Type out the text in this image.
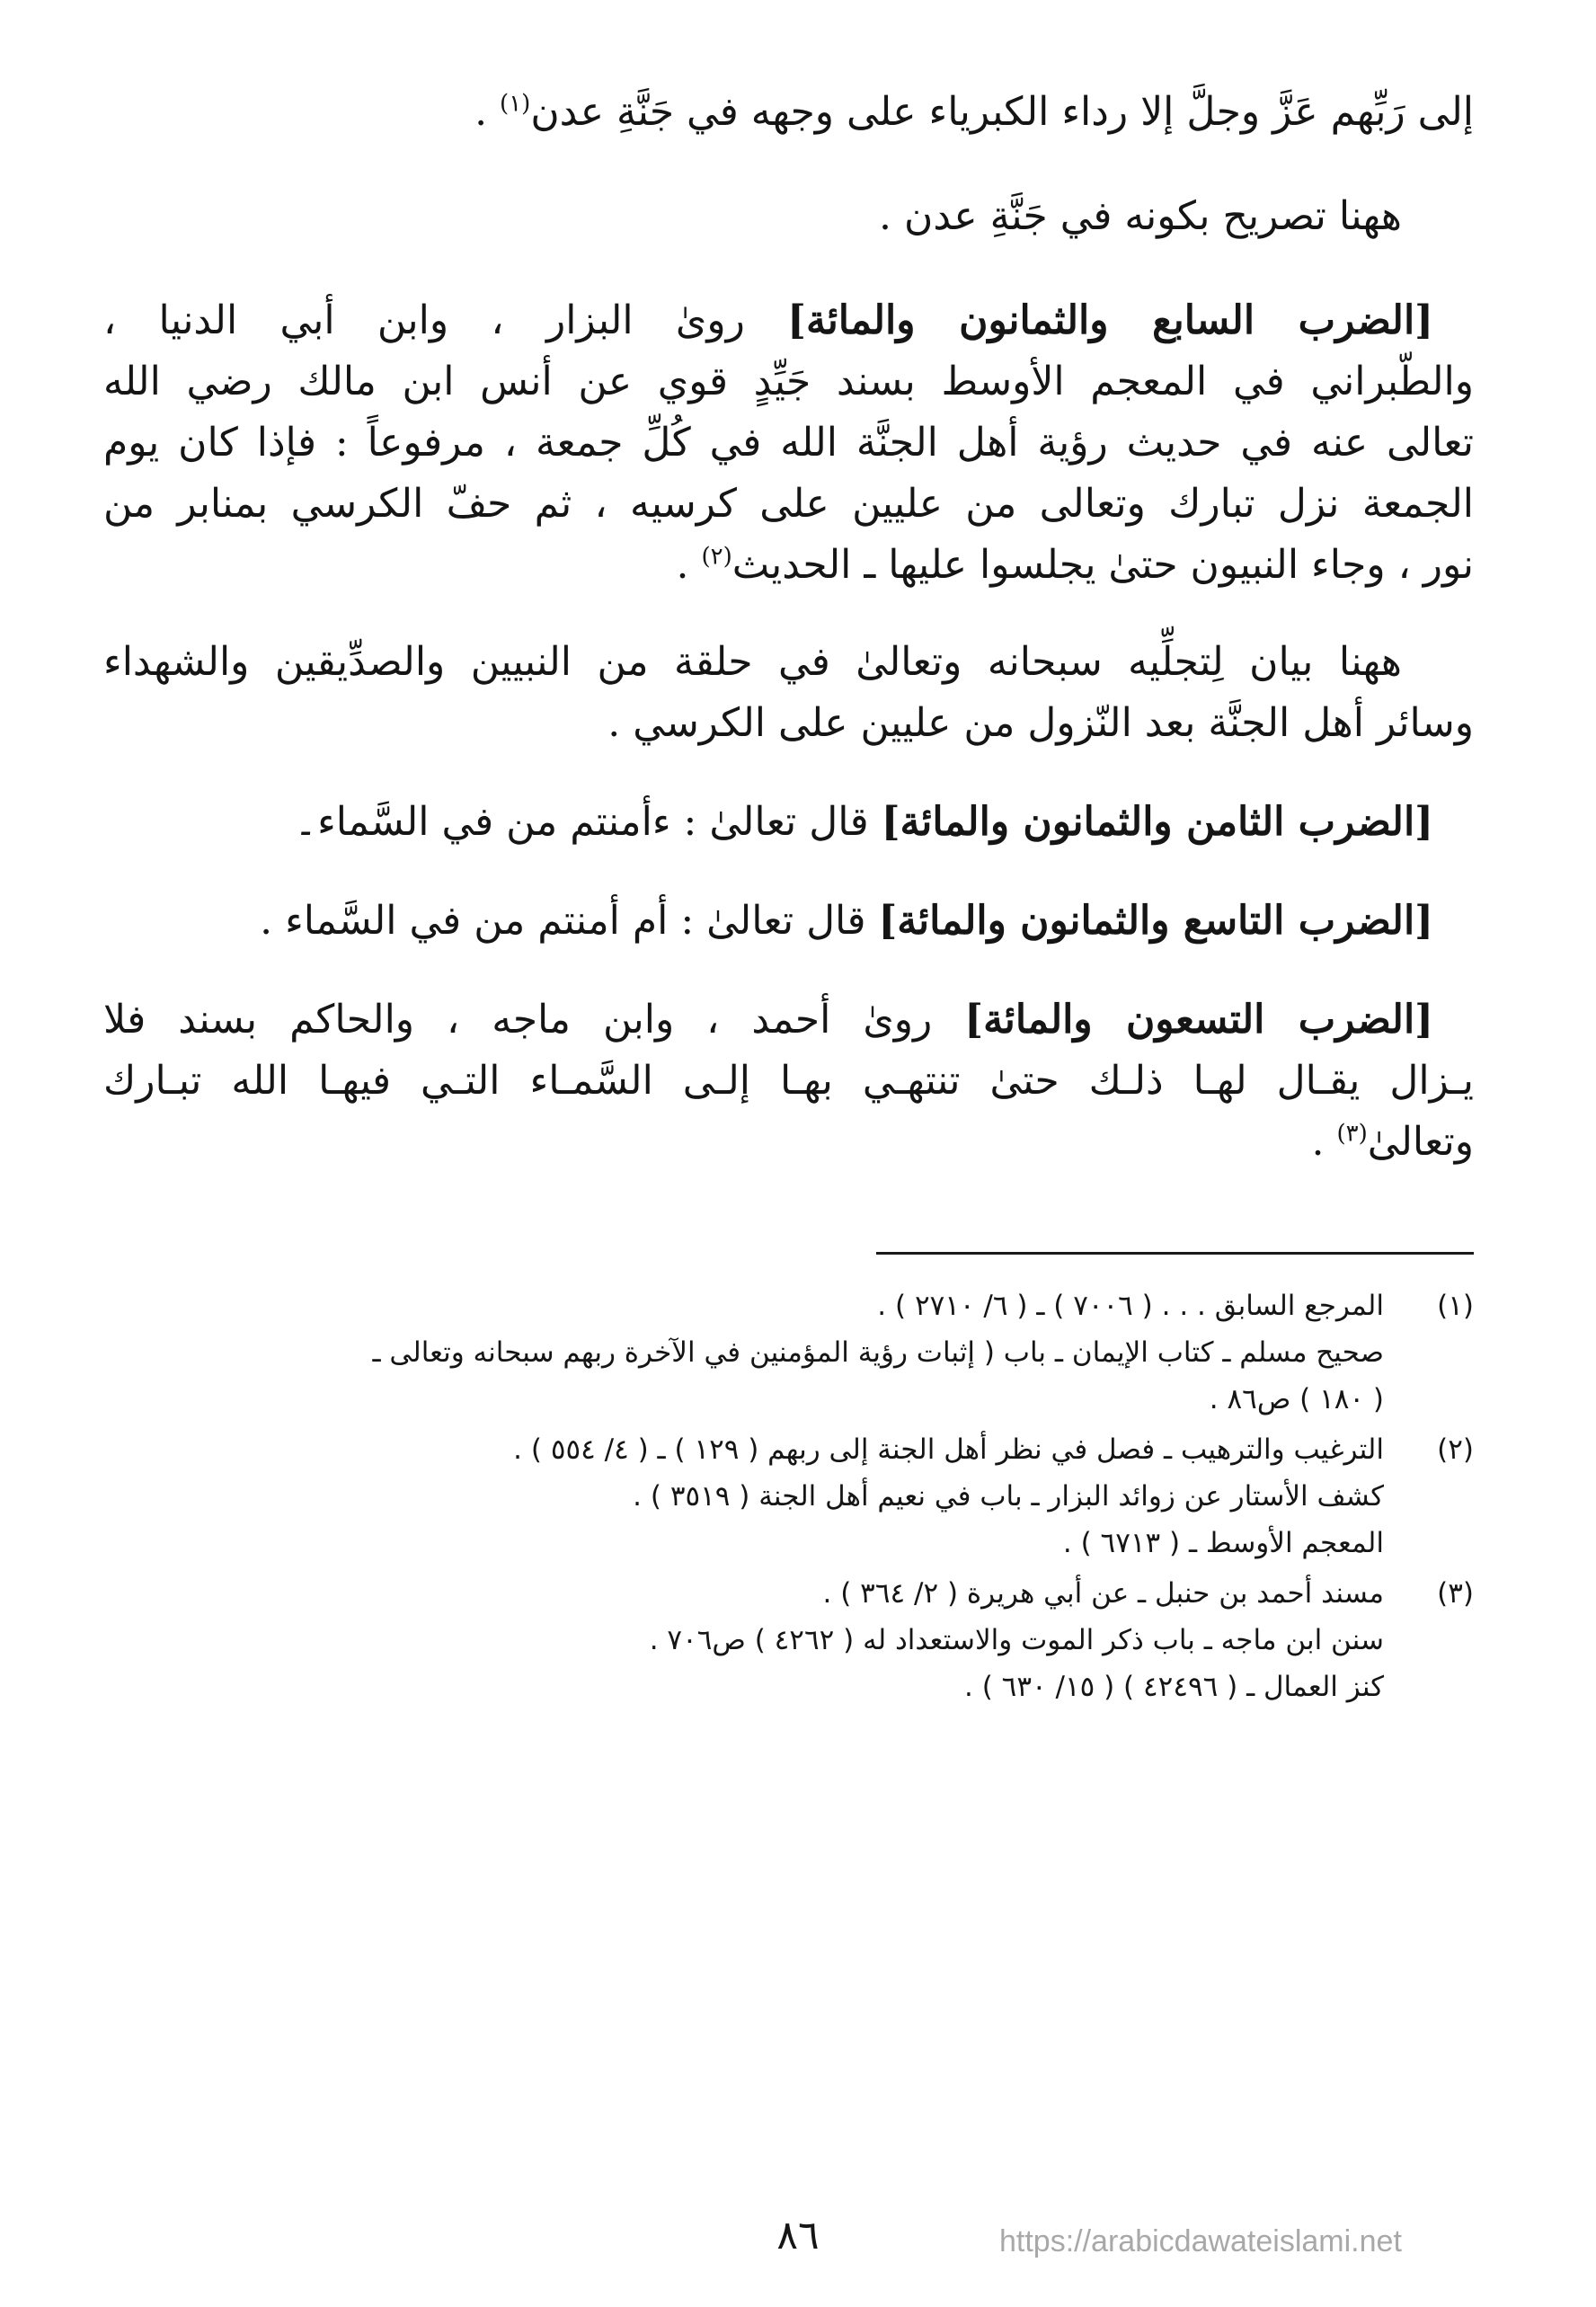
إلى رَبِّهم عَزَّ وجلَّ إلا رداء الكبرياء على وجهه في جَنَّةِ عدن$^{(١)}$ .
ههنا تصريح بكونه في جَنَّةِ عدن .
[الضرب السابع والثمانون والمائة] روىٰ البزار ، وابن أبي الدنيا ،
والطّبراني في المعجم الأوسط بسند جَيِّدٍ قوي عن أنس ابن مالك رضي الله
تعالى عنه في حديث رؤية أهل الجنَّة الله في كُلِّ جمعة ، مرفوعاً : فإذا كان يوم
الجمعة نزل تبارك وتعالى من عليين على كرسيه ، ثم حفّ الكرسي بمنابر من
نور ، وجاء النبيون حتىٰ يجلسوا عليها ـ الحديث$^{(٢)}$ .
ههنا بيان لِتجلِّيه سبحانه وتعالىٰ في حلقة من النبيين والصدِّيقين والشهداء
وسائر أهل الجنَّة بعد النّزول من عليين على الكرسي .
[الضرب الثامن والثمانون والمائة] قال تعالىٰ : ءأمنتم من في السَّماء۔
[الضرب التاسع والثمانون والمائة] قال تعالىٰ : أم أمنتم من في السَّماء .
[الضرب التسعون والمائة] روىٰ أحمد ، وابن ماجه ، والحاكم بسند فلا
يـزال يقـال لهـا ذلـك حتىٰ تنتهـي بهـا إلـى السَّمـاء التـي فيهـا الله تبـارك
وتعالىٰ$^{(٣)}$ .
(١)
المرجع السابق . . . ( ٧٠٠٦ ) ـ ( ٦/ ٢٧١٠ ) .
صحيح مسلم ـ كتاب الإيمان ـ باب ( إثبات رؤية المؤمنين في الآخرة ربهم سبحانه وتعالى ـ
( ١٨٠ ) ص٨٦ .
(٢)
الترغيب والترهيب ـ فصل في نظر أهل الجنة إلى ربهم ( ١٢٩ ) ـ ( ٤/ ٥٥٤ ) .
كشف الأستار عن زوائد البزار ـ باب في نعيم أهل الجنة ( ٣٥١٩ ) .
المعجم الأوسط ـ ( ٦٧١٣ ) .
(٣)
مسند أحمد بن حنبل ـ عن أبي هريرة ( ٢/ ٣٦٤ ) .
سنن ابن ماجه ـ باب ذكر الموت والاستعداد له ( ٤٢٦٢ ) ص٧٠٦ .
كنز العمال ـ ( ٤٢٤٩٦ ) ( ١٥/ ٦٣٠ ) .
٨٦	https://arabicdawateislami.net
